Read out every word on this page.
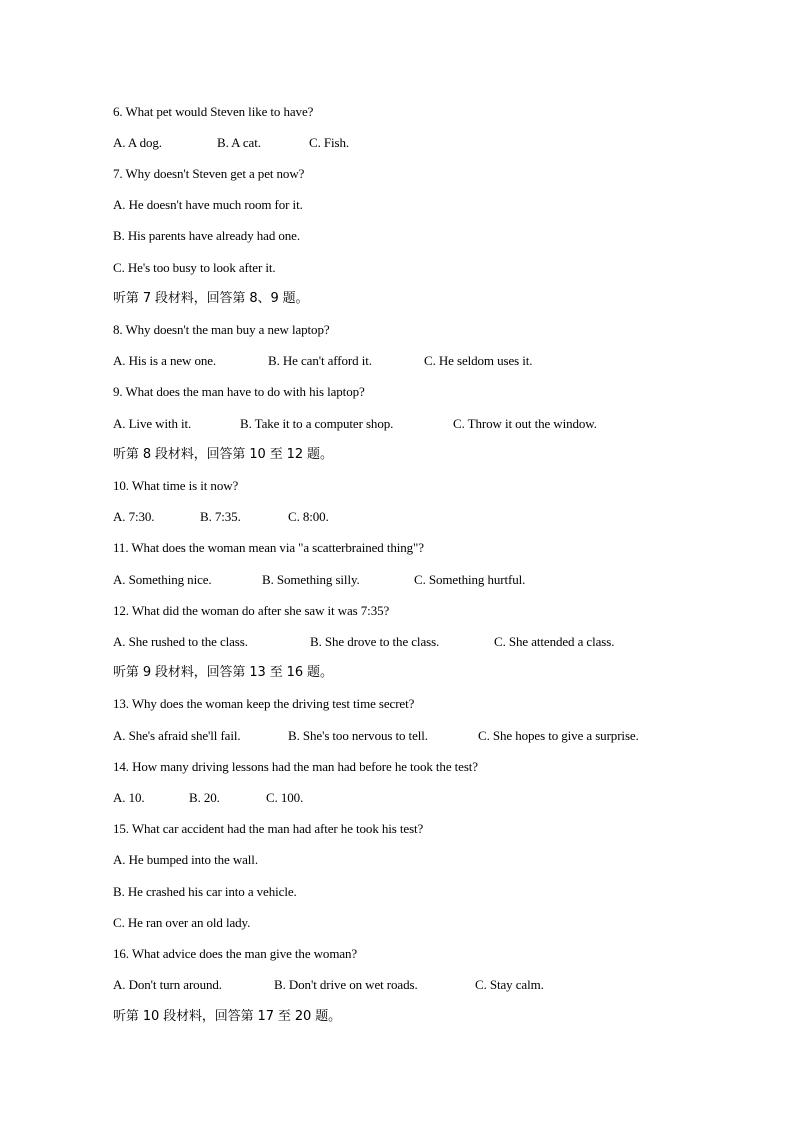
6. What pet would Steven like to have?
A. A dog.	B. A cat.	C. Fish.
7. Why doesn't Steven get a pet now?
A. He doesn't have much room for it.
B. His parents have already had one.
C. He's too busy to look after it.
听第 7 段材料，回答第 8、9 题。
8. Why doesn't the man buy a new laptop?
A. His is a new one.	B. He can't afford it.	C. He seldom uses it.
9. What does the man have to do with his laptop?
A. Live with it.	B. Take it to a computer shop.	C. Throw it out the window.
听第 8 段材料，回答第 10 至 12 题。
10. What time is it now?
A. 7:30.	B. 7:35.	C. 8:00.
11. What does the woman mean via "a scatterbrained thing"?
A. Something nice.	B. Something silly.	C. Something hurtful.
12. What did the woman do after she saw it was 7:35?
A. She rushed to the class.	B. She drove to the class.	C. She attended a class.
听第 9 段材料，回答第 13 至 16 题。
13. Why does the woman keep the driving test time secret?
A. She's afraid she'll fail.	B. She's too nervous to tell.	C. She hopes to give a surprise.
14. How many driving lessons had the man had before he took the test?
A. 10.	B. 20.	C. 100.
15. What car accident had the man had after he took his test?
A. He bumped into the wall.
B. He crashed his car into a vehicle.
C. He ran over an old lady.
16. What advice does the man give the woman?
A. Don't turn around.	B. Don't drive on wet roads.	C. Stay calm.
听第 10 段材料，回答第 17 至 20 题。
